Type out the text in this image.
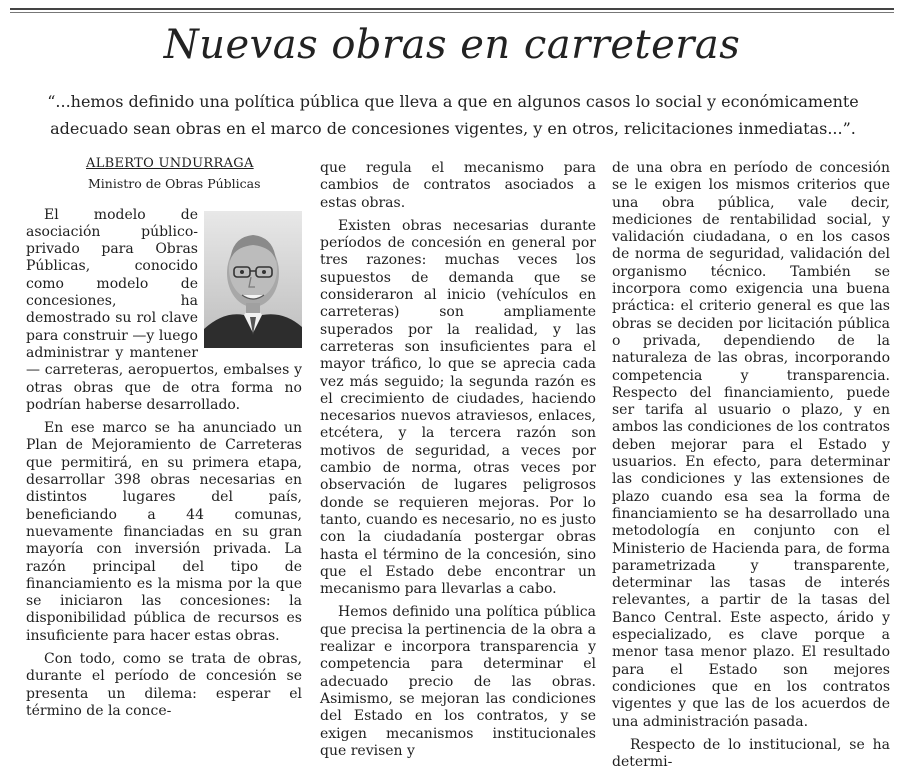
Nuevas obras en carreteras
“...hemos definido una política pública que lleva a que en algunos casos lo social y económicamente adecuado sean obras en el marco de concesiones vigentes, y en otros, relicitaciones inmediatas...”.

ALBERTO UNDURRAGA

Ministro de Obras Públicas

El modelo de asociación público-privado para Obras Públicas, conocido como modelo de concesiones, ha demostrado su rol clave para construir —y luego administrar y mantener— carreteras, aeropuertos, embalses y otras obras que de otra forma no podrían haberse desarrollado.

En ese marco se ha anunciado un Plan de Mejoramiento de Carreteras que permitirá, en su primera etapa, desarrollar 398 obras necesarias en distintos lugares del país, beneficiando a 44 comunas, nuevamente financiadas en su gran mayoría con inversión privada. La razón principal del tipo de financiamiento es la misma por la que se iniciaron las concesiones: la disponibilidad pública de recursos es insuficiente para hacer estas obras.

Con todo, como se trata de obras, durante el período de concesión se presenta un dilema: esperar el término de la conce-

que regula el mecanismo para cambios de contratos asociados a estas obras.

Existen obras necesarias durante períodos de concesión en general por tres razones: muchas veces los supuestos de demanda que se consideraron al inicio (vehículos en carreteras) son ampliamente superados por la realidad, y las carreteras son insuficientes para el mayor tráfico, lo que se aprecia cada vez más seguido; la segunda razón es el crecimiento de ciudades, haciendo necesarios nuevos atraviesos, enlaces, etcétera, y la tercera razón son motivos de seguridad, a veces por cambio de norma, otras veces por observación de lugares peligrosos donde se requieren mejoras. Por lo tanto, cuando es necesario, no es justo con la ciudadanía postergar obras hasta el término de la concesión, sino que el Estado debe encontrar un mecanismo para llevarlas a cabo.

Hemos definido una política pública que precisa la pertinencia de la obra a realizar e incorpora transparencia y competencia para determinar el adecuado precio de las obras. Asimismo, se mejoran las condiciones del Estado en los contratos, y se exigen mecanismos institucionales que revisen y

de una obra en período de concesión se le exigen los mismos criterios que una obra pública, vale decir, mediciones de rentabilidad social, y validación ciudadana, o en los casos de norma de seguridad, validación del organismo técnico. También se incorpora como exigencia una buena práctica: el criterio general es que las obras se deciden por licitación pública o privada, dependiendo de la naturaleza de las obras, incorporando competencia y transparencia. Respecto del financiamiento, puede ser tarifa al usuario o plazo, y en ambos las condiciones de los contratos deben mejorar para el Estado y usuarios. En efecto, para determinar las condiciones y las extensiones de plazo cuando esa sea la forma de financiamiento se ha desarrollado una metodología en conjunto con el Ministerio de Hacienda para, de forma parametrizada y transparente, determinar las tasas de interés relevantes, a partir de la tasas del Banco Central. Este aspecto, árido y especializado, es clave porque a menor tasa menor plazo. El resultado para el Estado son mejores condiciones que en los contratos vigentes y que las de los acuerdos de una administración pasada.

Respecto de lo institucional, se ha determi-
